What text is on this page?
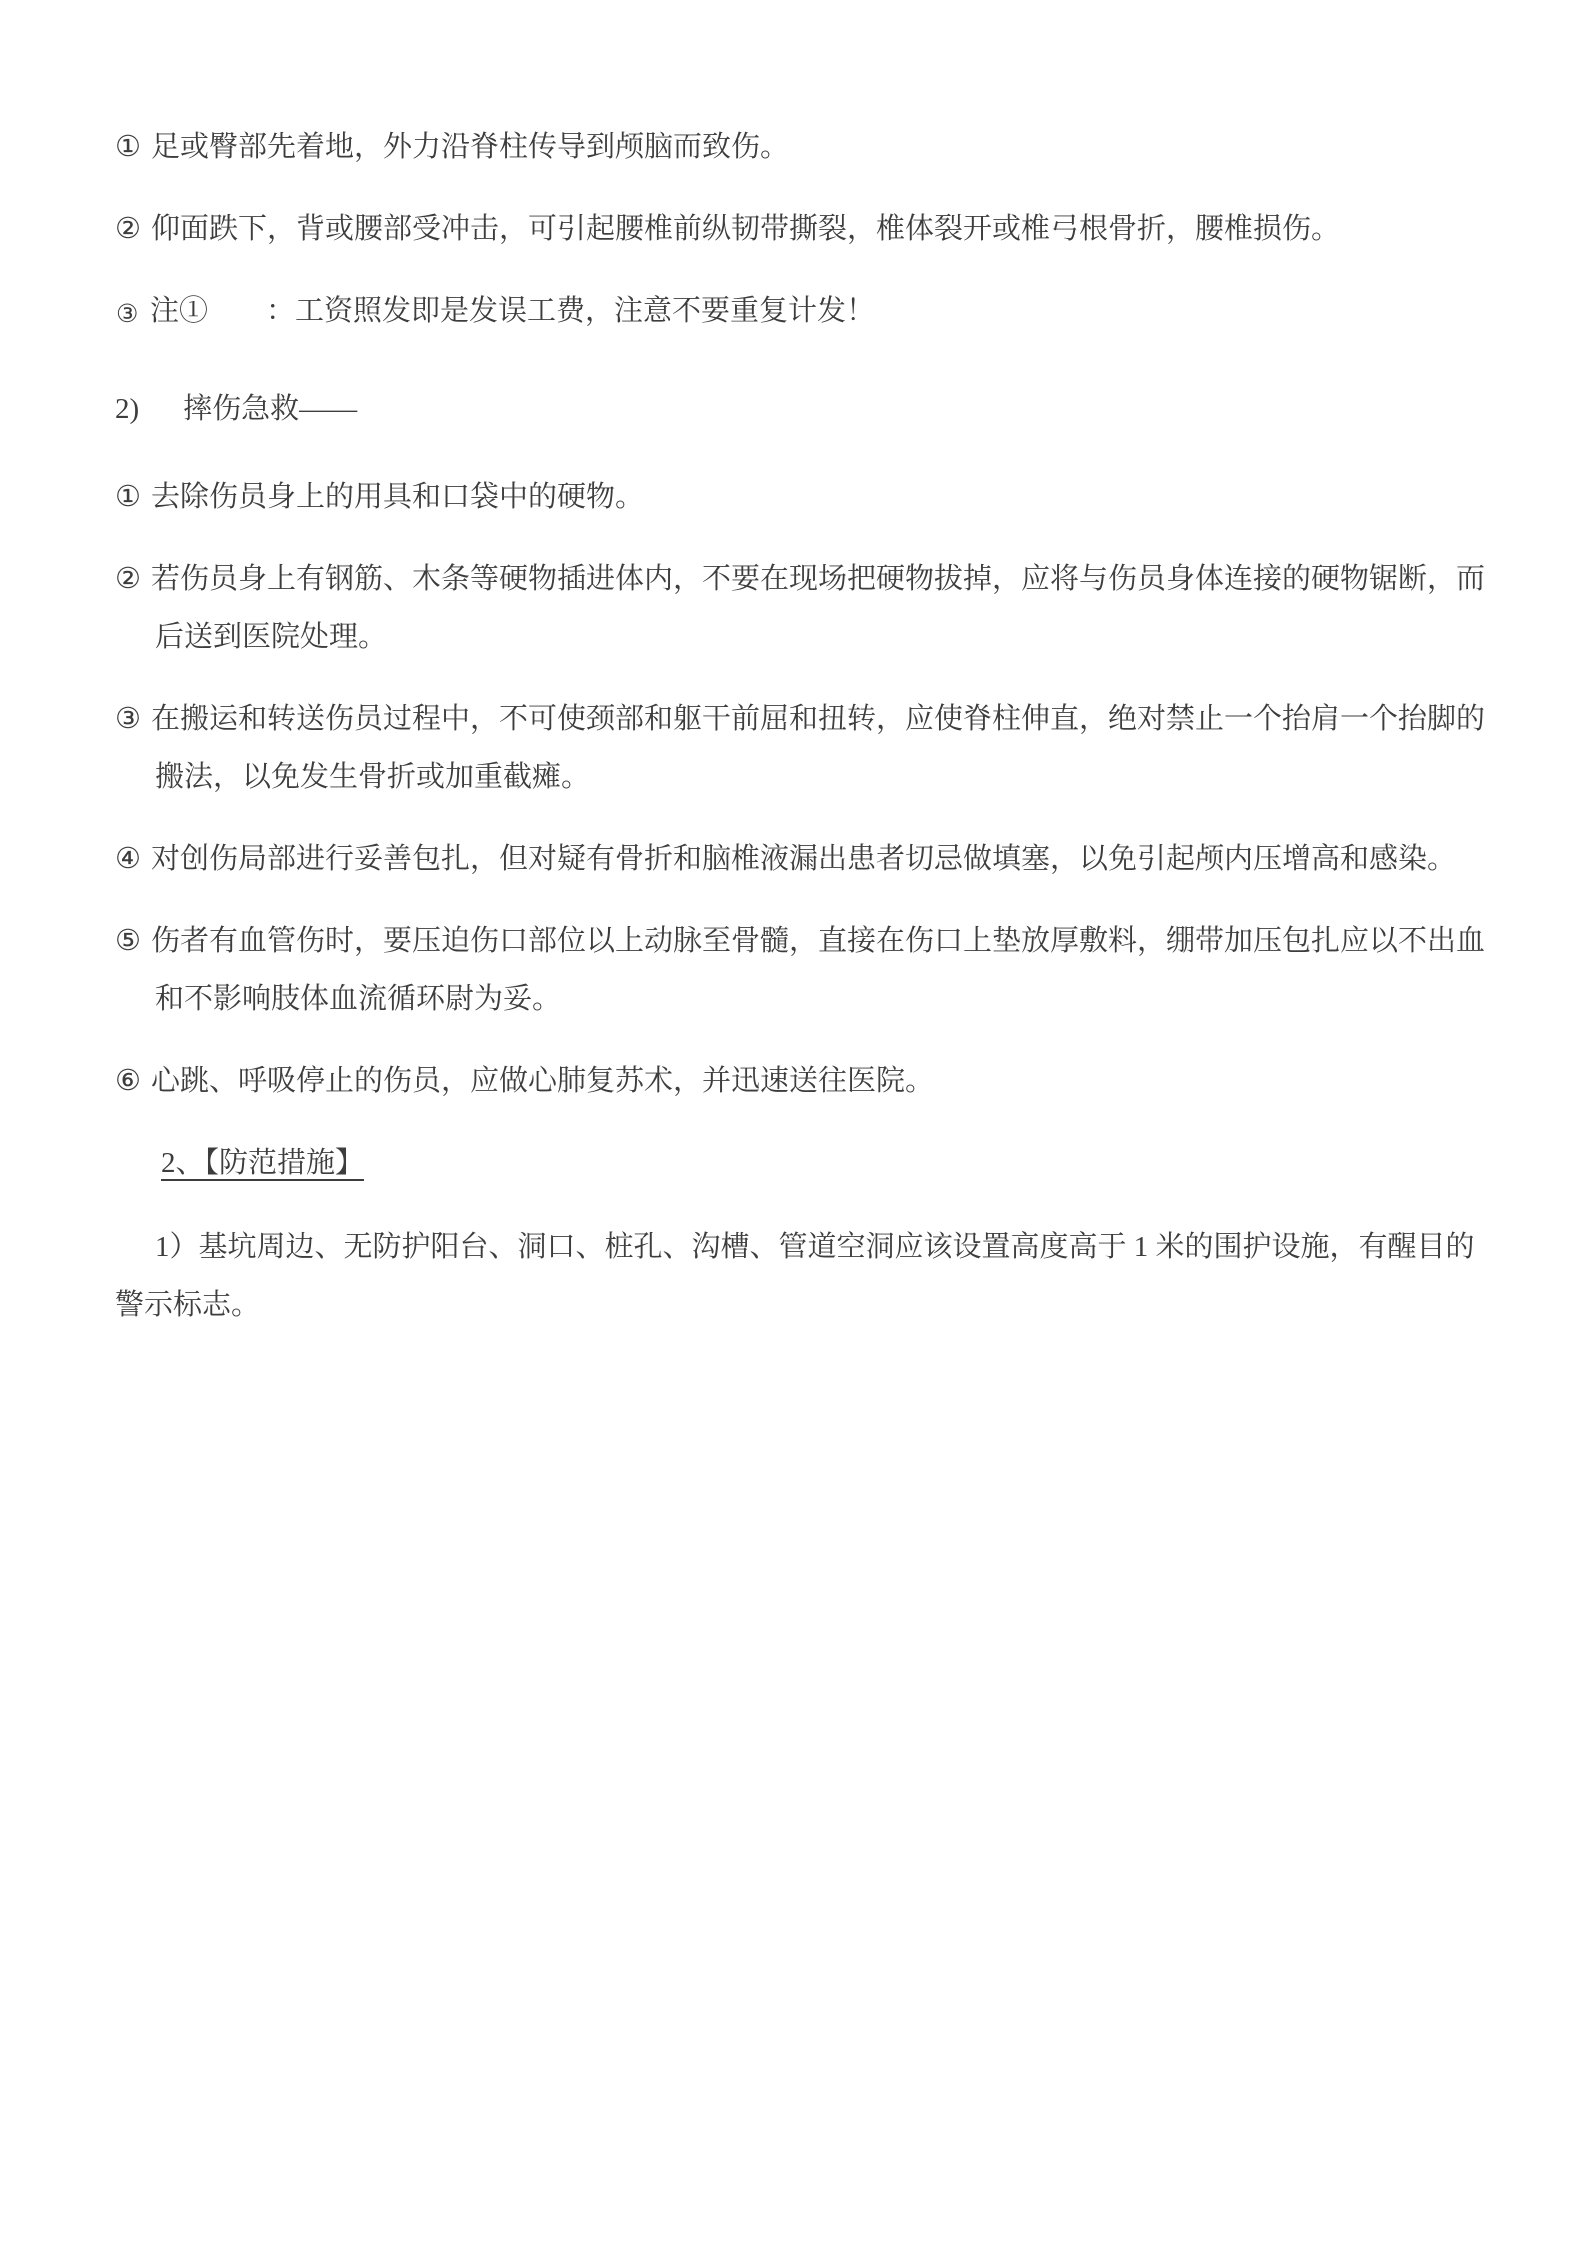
① 足或臀部先着地，外力沿脊柱传导到颅脑而致伤。

② 仰面跌下，背或腰部受冲击，可引起腰椎前纵韧带撕裂，椎体裂开或椎弓根骨折，腰椎损伤。

③ 注① ：工资照发即是发误工费，注意不要重复计发！

2) 摔伤急救——

① 去除伤员身上的用具和口袋中的硬物。

② 若伤员身上有钢筋、木条等硬物插进体内，不要在现场把硬物拔掉，应将与伤员身体连接的硬物锯断，而后送到医院处理。

③ 在搬运和转送伤员过程中，不可使颈部和躯干前屈和扭转，应使脊柱伸直，绝对禁止一个抬肩一个抬脚的搬法，以免发生骨折或加重截瘫。

④ 对创伤局部进行妥善包扎，但对疑有骨折和脑椎液漏出患者切忌做填塞，以免引起颅内压增高和感染。

⑤ 伤者有血管伤时，要压迫伤口部位以上动脉至骨髓，直接在伤口上垫放厚敷料，绷带加压包扎应以不出血和不影响肢体血流循环尉为妥。

⑥ 心跳、呼吸停止的伤员，应做心肺复苏术，并迅速送往医院。

2、【防范措施】

1）基坑周边、无防护阳台、洞口、桩孔、沟槽、管道空洞应该设置高度高于 1 米的围护设施，有醒目的警示标志。
